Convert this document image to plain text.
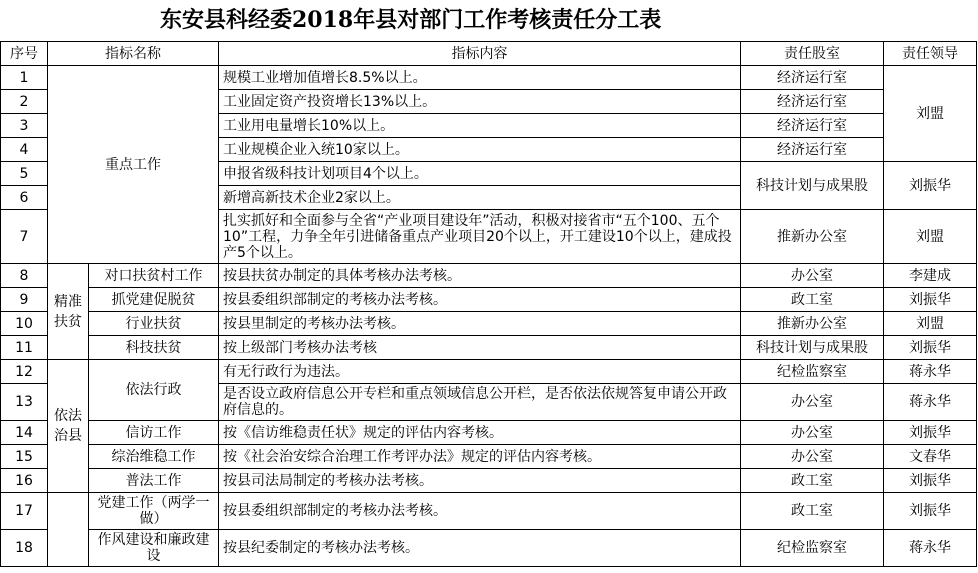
东安县科经委2018年县对部门工作考核责任分工表
序号	指标名称		指标内容	责任股室	责任领导
1	重点工作		规模工业增加值增长8.5%以上。	经济运行室	刘盟
2			工业固定资产投资增长13%以上。	经济运行室	
3			工业用电量增长10%以上。	经济运行室	
4			工业规模企业入统10家以上。	经济运行室	
5			申报省级科技计划项目4个以上。	科技计划与成果股	刘振华
6			新增高新技术企业2家以上。		
7			扎实抓好和全面参与全省“产业项目建设年”活动，积极对接省市“五个100、五个10”工程，力争全年引进储备重点产业项目20个以上，开工建设10个以上，建成投产5个以上。	推新办公室	刘盟
8	精准
扶贫	对口扶贫村工作	按县扶贫办制定的具体考核办法考核。	办公室	李建成
9		抓党建促脱贫	按县委组织部制定的考核办法考核。	政工室	刘振华
10		行业扶贫	按县里制定的考核办法考核。	推新办公室	刘盟
11		科技扶贫	按上级部门考核办法考核	科技计划与成果股	刘振华
12	依法
治县	依法行政	有无行政行为违法。	纪检监察室	蒋永华
13			是否设立政府信息公开专栏和重点领域信息公开栏，是否依法依规答复申请公开政府信息的。	办公室	蒋永华
14		信访工作	按《信访维稳责任状》规定的评估内容考核。	办公室	刘振华
15		综治维稳工作	按《社会治安综合治理工作考评办法》规定的评估内容考核。	办公室	文春华
16		普法工作	按县司法局制定的考核办法考核。	政工室	刘振华
17		党建工作（两学一做）	按县委组织部制定的考核办法考核。	政工室	刘振华
18		作风建设和廉政建设	按县纪委制定的考核办法考核。	纪检监察室	蒋永华
